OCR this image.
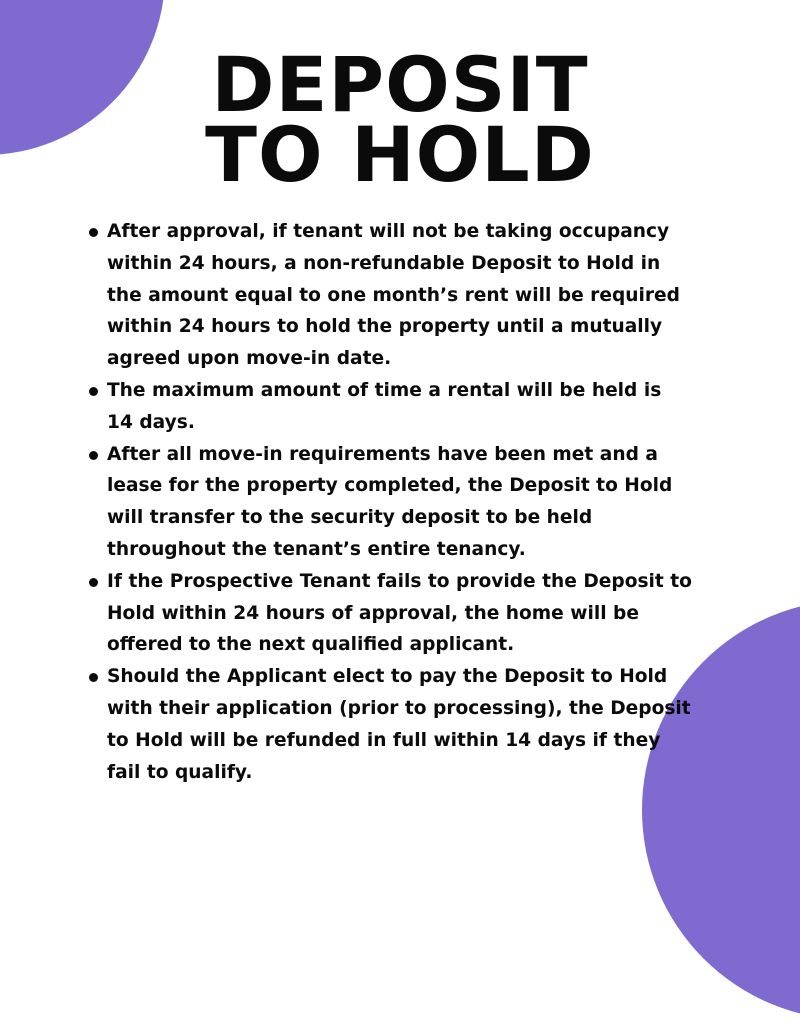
DEPOSIT
TO HOLD
After approval, if tenant will not be taking occupancy
within 24 hours, a non-refundable Deposit to Hold in
the amount equal to one month’s rent will be required
within 24 hours to hold the property until a mutually
agreed upon move-in date.
The maximum amount of time a rental will be held is
14 days.
After all move-in requirements have been met and a
lease for the property completed, the Deposit to Hold
will transfer to the security deposit to be held
throughout the tenant’s entire tenancy.
If the Prospective Tenant fails to provide the Deposit to
Hold within 24 hours of approval, the home will be
offered to the next qualified applicant.
Should the Applicant elect to pay the Deposit to Hold
with their application (prior to processing), the Deposit
to Hold will be refunded in full within 14 days if they
fail to qualify.
